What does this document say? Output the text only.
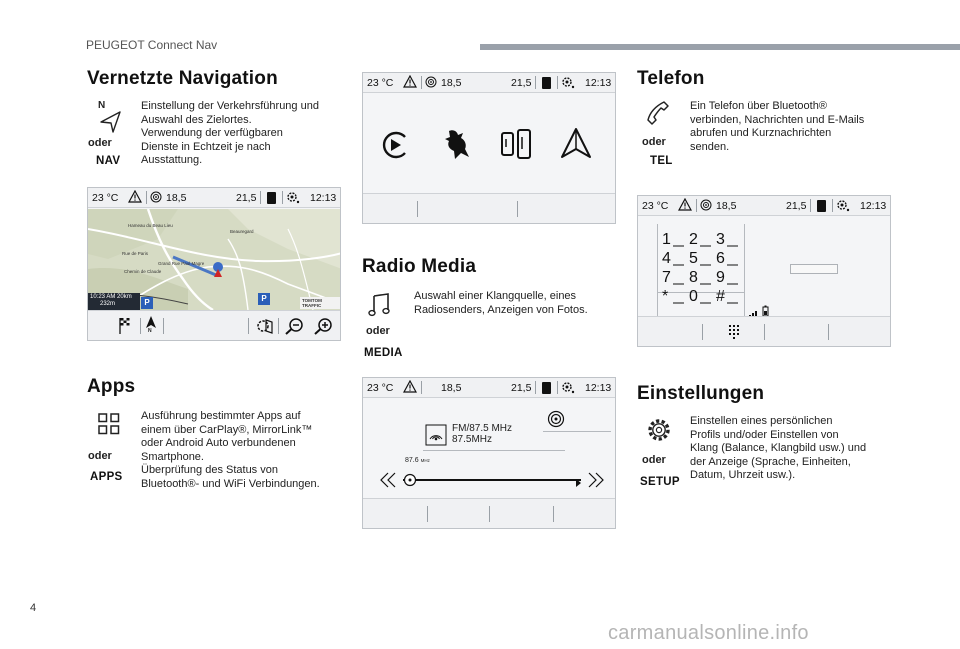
PEUGEOT Connect Nav
Vernetzte Navigation
N
oder
NAV
Einstellung der Verkehrsführung und
Auswahl des Zielortes.
Verwendung der verfügbaren
Dienste in Echtzeit je nach
Ausstattung.
23 °C	18,5	21,5	12:13
Hameau du Beau Lieu
Beauregard
Rue de Paris
Grand Rue Paul Magre
Chemin de Claude
10:23 AM 20km
232m	P	P	TOMTOM TRAFFIC
N
Apps
oder
APPS
Ausführung bestimmter Apps auf
einem über CarPlay®, MirrorLink™
oder Android Auto verbundenen
Smartphone.
Überprüfung des Status von
Bluetooth®- und WiFi Verbindungen.
23 °C	18,5	21,5	12:13
Radio Media
oder
MEDIA
Auswahl einer Klangquelle, eines
Radiosenders, Anzeigen von Fotos.
23 °C	18,5	21,5	12:13
FM/87.5 MHz
87.5MHz
87.6 MHz
Telefon
oder
TEL
Ein Telefon über Bluetooth®
verbinden, Nachrichten und E-Mails
abrufen und Kurznachrichten
senden.
23 °C	18,5	21,5	12:13
1	2	3
4	5	6
7	8	9
*	0	#
Einstellungen
oder
SETUP
Einstellen eines persönlichen
Profils und/oder Einstellen von
Klang (Balance, Klangbild usw.) und
der Anzeige (Sprache, Einheiten,
Datum, Uhrzeit usw.).
4
carmanualsonline.info
